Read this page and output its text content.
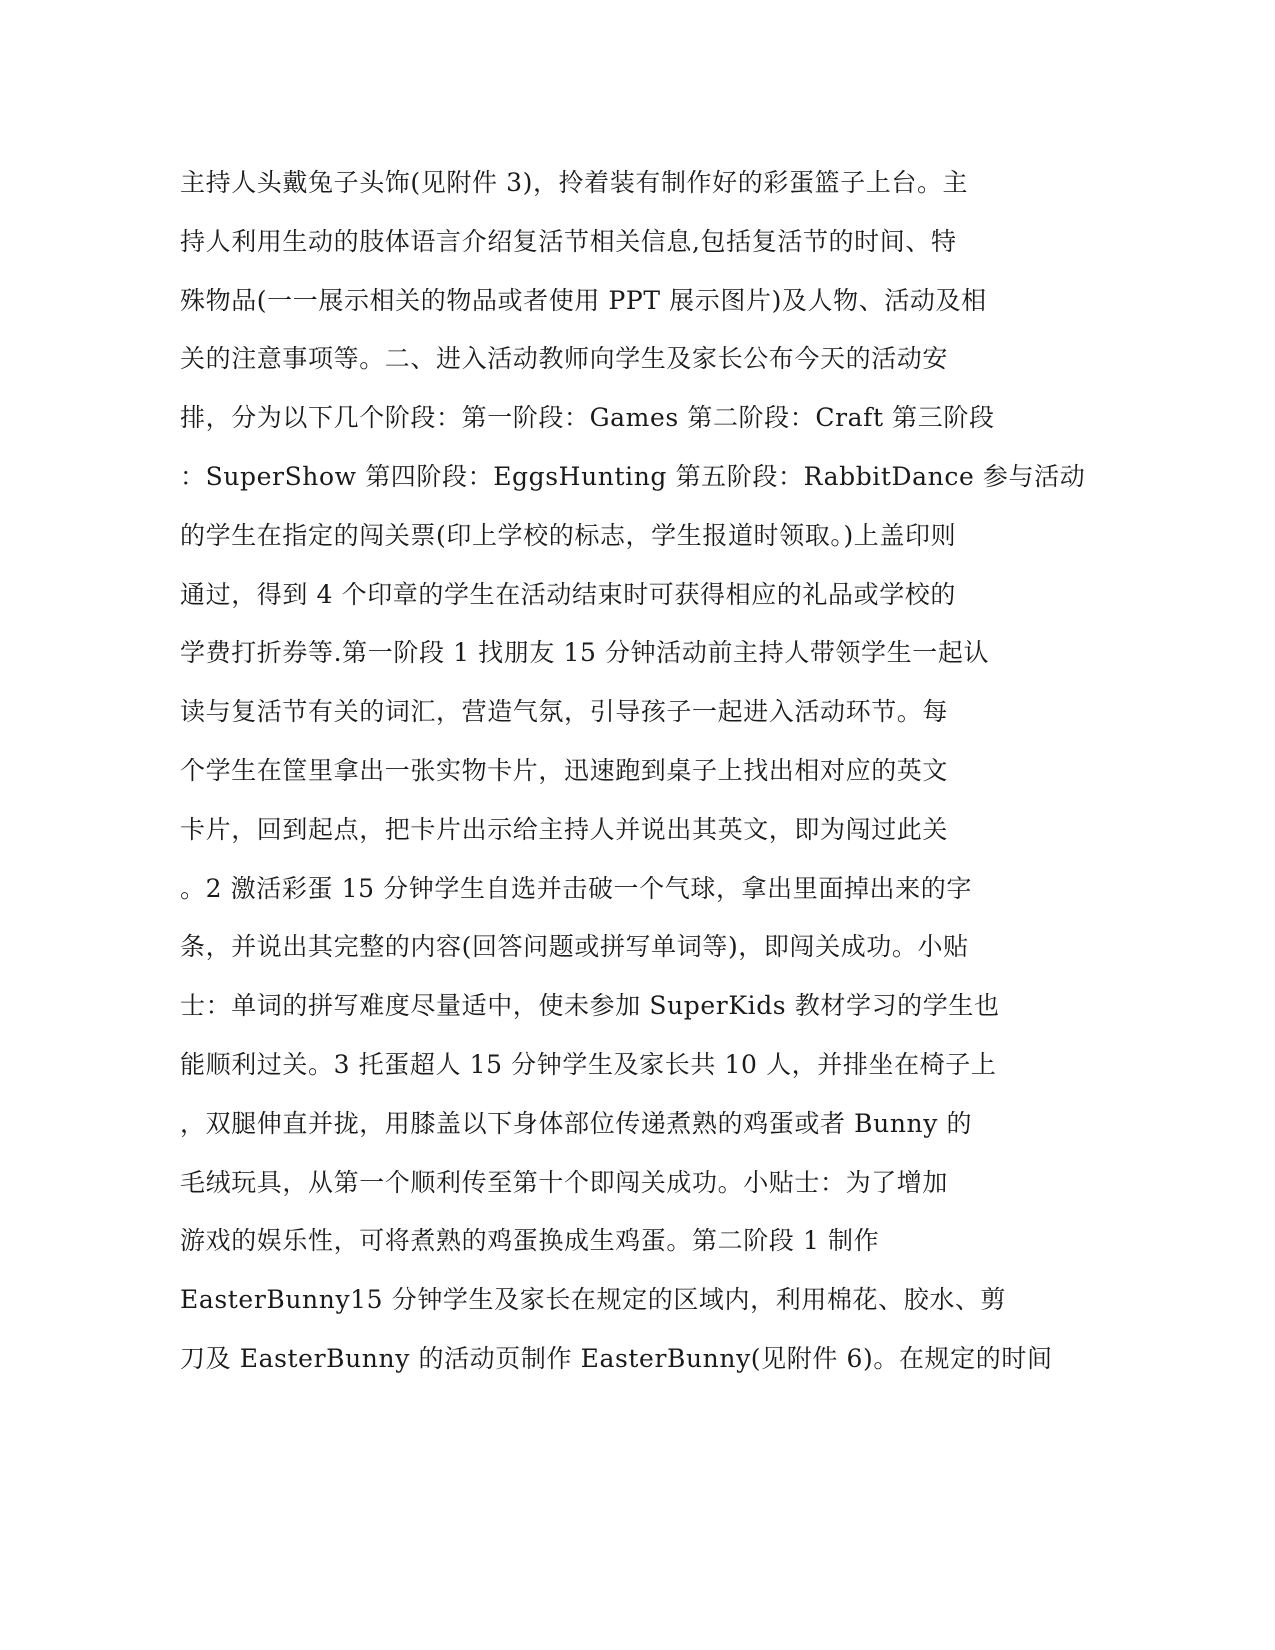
主持人头戴兔子头饰(见附件 3)，拎着装有制作好的彩蛋篮子上台。主
持人利用生动的肢体语言介绍复活节相关信息,包括复活节的时间、特
殊物品(一一展示相关的物品或者使用 PPT 展示图片)及人物、活动及相
关的注意事项等。二、进入活动教师向学生及家长公布今天的活动安
排，分为以下几个阶段：第一阶段：Games 第二阶段：Craft 第三阶段
：SuperShow 第四阶段：EggsHunting 第五阶段：RabbitDance 参与活动
的学生在指定的闯关票(印上学校的标志，学生报道时领取。)上盖印则
通过，得到 4 个印章的学生在活动结束时可获得相应的礼品或学校的
学费打折券等.第一阶段 1 找朋友 15 分钟活动前主持人带领学生一起认
读与复活节有关的词汇，营造气氛，引导孩子一起进入活动环节。每
个学生在筐里拿出一张实物卡片，迅速跑到桌子上找出相对应的英文
卡片，回到起点，把卡片出示给主持人并说出其英文，即为闯过此关
。2 激活彩蛋 15 分钟学生自选并击破一个气球，拿出里面掉出来的字
条，并说出其完整的内容(回答问题或拼写单词等)，即闯关成功。小贴
士：单词的拼写难度尽量适中，使未参加 SuperKids 教材学习的学生也
能顺利过关。3 托蛋超人 15 分钟学生及家长共 10 人，并排坐在椅子上
，双腿伸直并拢，用膝盖以下身体部位传递煮熟的鸡蛋或者 Bunny 的
毛绒玩具，从第一个顺利传至第十个即闯关成功。小贴士：为了增加
游戏的娱乐性，可将煮熟的鸡蛋换成生鸡蛋。第二阶段 1 制作
EasterBunny15 分钟学生及家长在规定的区域内，利用棉花、胶水、剪
刀及 EasterBunny 的活动页制作 EasterBunny(见附件 6)。在规定的时间
